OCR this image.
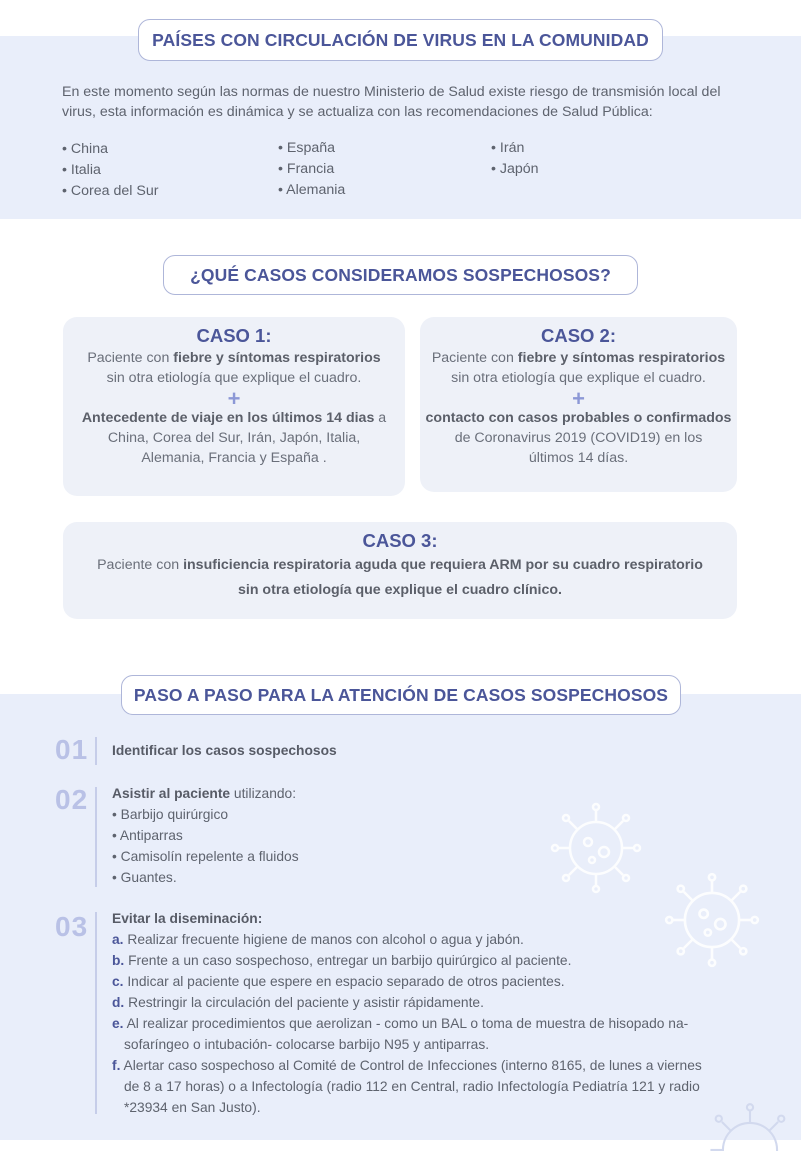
PAÍSES CON CIRCULACIÓN DE VIRUS EN LA COMUNIDAD
En este momento según las normas de nuestro Ministerio de Salud existe riesgo de transmisión local del virus, esta información es dinámica y se actualiza con las recomendaciones de Salud Pública:
• China
• Italia
• Corea del Sur
• España
• Francia
• Alemania
• Irán
• Japón
¿QUÉ CASOS CONSIDERAMOS SOSPECHOSOS?
CASO 1:
Paciente con fiebre y síntomas respiratorios
sin otra etiología que explique el cuadro.
+
Antecedente de viaje en los últimos 14 dias a
China, Corea del Sur, Irán, Japón, Italia,
Alemania, Francia y España .
CASO 2:
Paciente con fiebre y síntomas respiratorios
sin otra etiología que explique el cuadro.
+
contacto con casos probables o confirmados
de Coronavirus 2019 (COVID19) en los
últimos 14 días.
CASO 3:
Paciente con insuficiencia respiratoria aguda que requiera ARM por su cuadro respiratorio
sin otra etiología que explique el cuadro clínico.
PASO A PASO PARA LA ATENCIÓN DE CASOS SOSPECHOSOS
01 Identificar los casos sospechosos
02 Asistir al paciente utilizando:
• Barbijo quirúrgico
• Antiparras
• Camisolín repelente a fluidos
• Guantes.
03 Evitar la diseminación:
a. Realizar frecuente higiene de manos con alcohol o agua y jabón.
b. Frente a un caso sospechoso, entregar un barbijo quirúrgico al paciente.
c. Indicar al paciente que espere en espacio separado de otros pacientes.
d. Restringir la circulación del paciente y asistir rápidamente.
e. Al realizar procedimientos que aerolizan - como un BAL o toma de muestra de hisopado na-sofaríngeo o intubación- colocarse barbijo N95 y antiparras.
f. Alertar caso sospechoso al Comité de Control de Infecciones (interno 8165, de lunes a viernes de 8 a 17 horas) o a Infectología (radio 112 en Central, radio Infectología Pediatría 121 y radio *23934 en San Justo).
